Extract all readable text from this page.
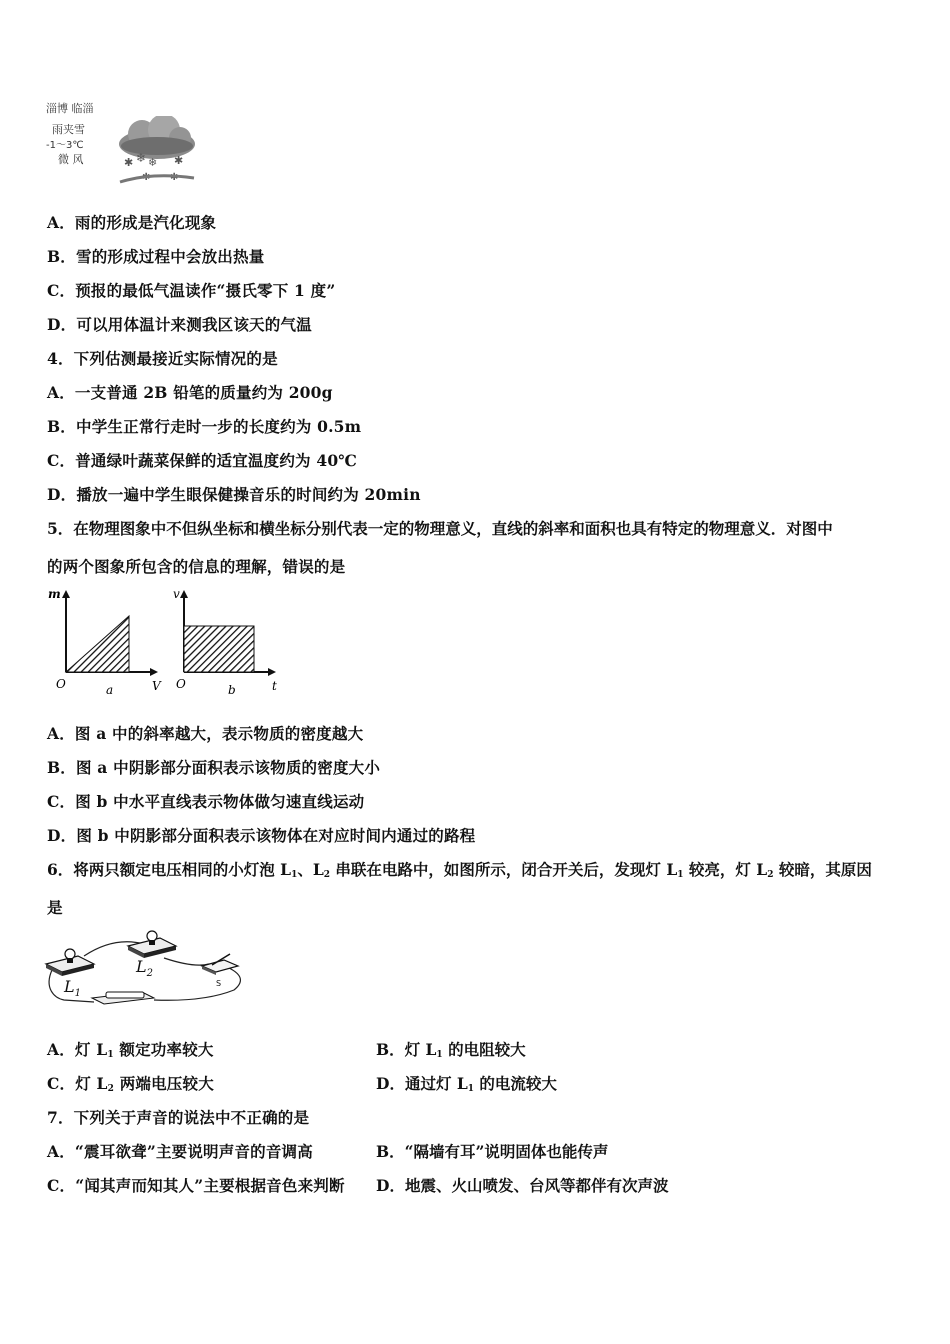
淄博 临淄
雨夹雪
-1～3℃
微 风	✱ ❄ ❄ ✱
✱ ✱
A．雨的形成是汽化现象
B．雪的形成过程中会放出热量
C．预报的最低气温读作“摄氏零下 1 度”
D．可以用体温计来测我区该天的气温
4．下列估测最接近实际情况的是
A．一支普通 2B 铅笔的质量约为 200g
B．中学生正常行走时一步的长度约为 0.5m
C．普通绿叶蔬菜保鲜的适宜温度约为 40℃
D．播放一遍中学生眼保健操音乐的时间约为 20min
5．在物理图象中不但纵坐标和横坐标分别代表一定的物理意义，直线的斜率和面积也具有特定的物理意义．对图中
的两个图象所包含的信息的理解，错误的是
m
O	V
a
v
O	t
b
A．图 a 中的斜率越大，表示物质的密度越大
B．图 a 中阴影部分面积表示该物质的密度大小
C．图 b 中水平直线表示物体做匀速直线运动
D．图 b 中阴影部分面积表示该物体在对应时间内通过的路程
6．将两只额定电压相同的小灯泡 $L_1$、$L_2$ 串联在电路中，如图所示，闭合开关后，发现灯 $L_1$ 较亮，灯 $L_2$ 较暗，其原因
是
$L_1$
$L_2$
S
A．灯 $L_1$ 额定功率较大	B．灯 $L_1$ 的电阻较大
C．灯 $L_2$ 两端电压较大	D．通过灯 $L_1$ 的电流较大
7．下列关于声音的说法中不正确的是
A．“震耳欲聋”主要说明声音的音调高	B．“隔墙有耳”说明固体也能传声
C．“闻其声而知其人”主要根据音色来判断 D．地震、火山喷发、台风等都伴有次声波
